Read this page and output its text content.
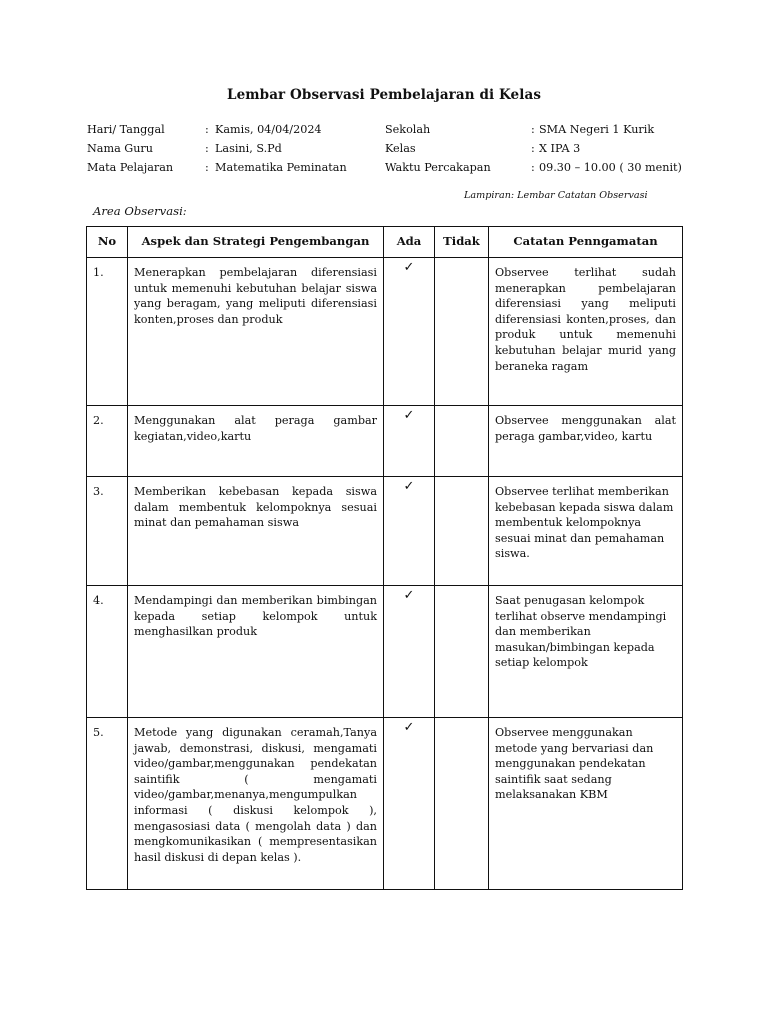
Lembar Observasi Pembelajaran di Kelas
Hari/ Tanggal	: Kamis, 04/04/2024
Nama Guru	: Lasini, S.Pd
Mata Pelajaran	: Matematika Peminatan
Sekolah	: SMA Negeri 1 Kurik
Kelas	: X IPA 3
Waktu Percakapan	: 09.30 – 10.00 ( 30 menit)
Lampiran: Lembar Catatan Observasi
Area Observasi:
No	Aspek dan Strategi Pengembangan	Ada	Tidak	Catatan Penngamatan
1.	Menerapkan pembelajaran diferensiasi untuk memenuhi kebutuhan belajar siswa yang beragam, yang meliputi diferensiasi konten,proses dan produk	✓		Observee terlihat sudah menerapkan pembelajaran diferensiasi yang meliputi diferensiasi konten,proses, dan produk untuk memenuhi kebutuhan belajar murid yang beraneka ragam
2.	Menggunakan alat peraga gambar kegiatan,video,kartu	✓		Observee menggunakan alat peraga gambar,video, kartu
3.	Memberikan kebebasan kepada siswa dalam membentuk kelompoknya sesuai minat dan pemahaman siswa	✓		Observee terlihat memberikan kebebasan kepada siswa dalam membentuk kelompoknya sesuai minat dan pemahaman siswa.
4.	Mendampingi dan memberikan bimbingan kepada setiap kelompok untuk menghasilkan produk	✓		Saat penugasan kelompok terlihat observe mendampingi dan memberikan masukan/bimbingan kepada setiap kelompok
5.	Metode yang digunakan ceramah,Tanya jawab, demonstrasi, diskusi, mengamati video/gambar,menggunakan pendekatan saintifik ( mengamati video/gambar,menanya,mengumpulkan informasi ( diskusi kelompok ), mengasosiasi data ( mengolah data ) dan mengkomunikasikan ( mempresentasikan hasil diskusi di depan kelas ).	✓		Observee menggunakan metode yang bervariasi dan menggunakan pendekatan saintifik saat sedang melaksanakan KBM
